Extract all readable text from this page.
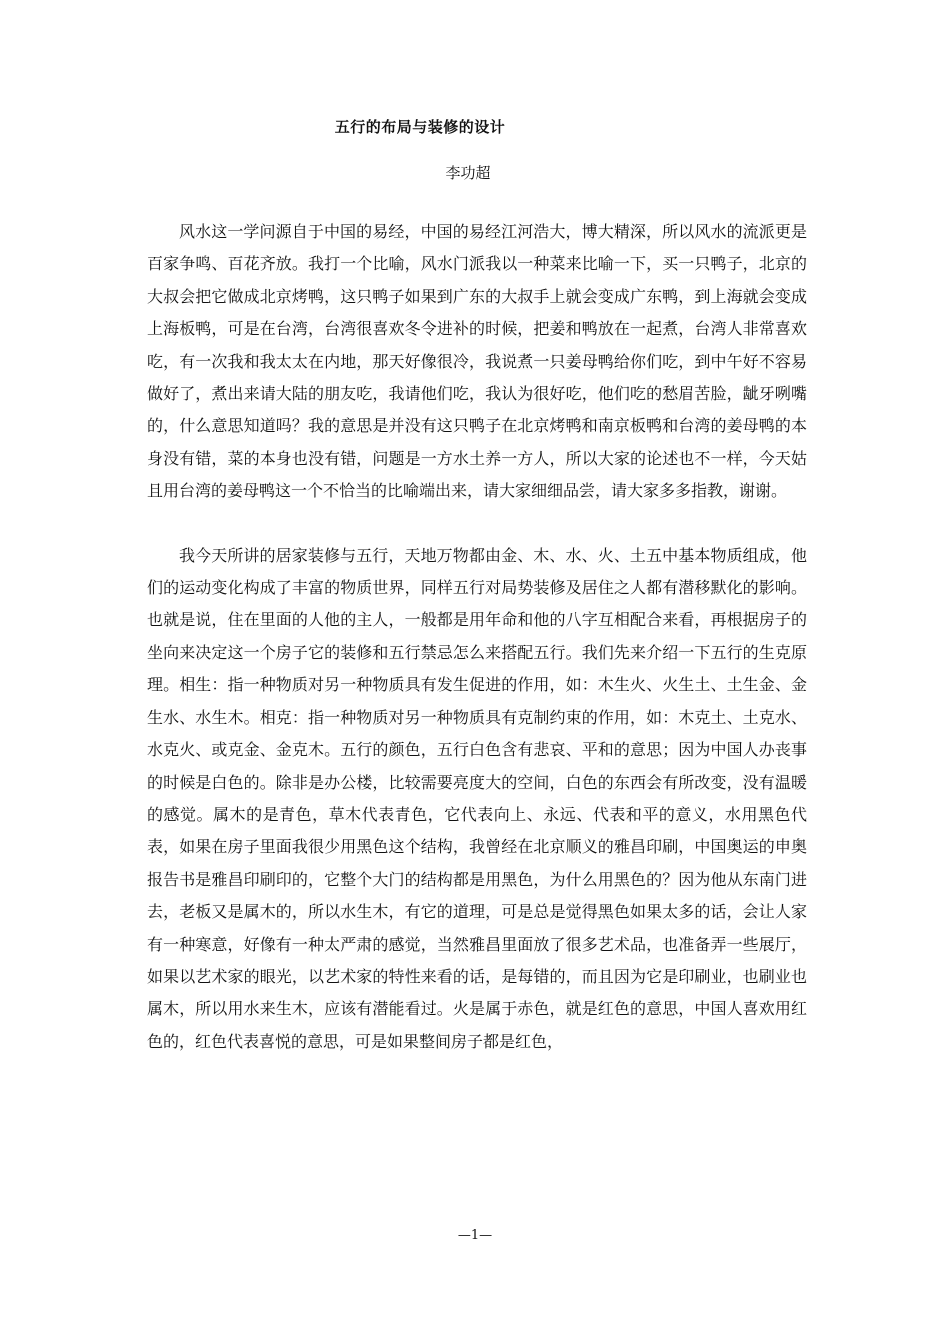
五行的布局与装修的设计
李功超

风水这一学问源自于中国的易经，中国的易经江河浩大，博大精深，所以风水的流派更是百家争鸣、百花齐放。我打一个比喻，风水门派我以一种菜来比喻一下，买一只鸭子，北京的大叔会把它做成北京烤鸭，这只鸭子如果到广东的大叔手上就会变成广东鸭，到上海就会变成上海板鸭，可是在台湾，台湾很喜欢冬令进补的时候，把姜和鸭放在一起煮，台湾人非常喜欢吃，有一次我和我太太在内地，那天好像很冷，我说煮一只姜母鸭给你们吃，到中午好不容易做好了，煮出来请大陆的朋友吃，我请他们吃，我认为很好吃，他们吃的愁眉苦脸，龇牙咧嘴的，什么意思知道吗？我的意思是并没有这只鸭子在北京烤鸭和南京板鸭和台湾的姜母鸭的本身没有错，菜的本身也没有错，问题是一方水土养一方人，所以大家的论述也不一样，今天姑且用台湾的姜母鸭这一个不恰当的比喻端出来，请大家细细品尝，请大家多多指教，谢谢。

我今天所讲的居家装修与五行，天地万物都由金、木、水、火、土五中基本物质组成，他们的运动变化构成了丰富的物质世界，同样五行对局势装修及居住之人都有潜移默化的影响。也就是说，住在里面的人他的主人，一般都是用年命和他的八字互相配合来看，再根据房子的坐向来决定这一个房子它的装修和五行禁忌怎么来搭配五行。我们先来介绍一下五行的生克原理。相生：指一种物质对另一种物质具有发生促进的作用，如：木生火、火生土、土生金、金生水、水生木。相克：指一种物质对另一种物质具有克制约束的作用，如：木克土、土克水、水克火、或克金、金克木。五行的颜色，五行白色含有悲哀、平和的意思；因为中国人办丧事的时候是白色的。除非是办公楼，比较需要亮度大的空间，白色的东西会有所改变，没有温暖的感觉。属木的是青色，草木代表青色，它代表向上、永远、代表和平的意义，水用黑色代表，如果在房子里面我很少用黑色这个结构，我曾经在北京顺义的雅昌印刷，中国奥运的申奥报告书是雅昌印刷印的，它整个大门的结构都是用黑色，为什么用黑色的？因为他从东南门进去，老板又是属木的，所以水生木，有它的道理，可是总是觉得黑色如果太多的话，会让人家有一种寒意，好像有一种太严肃的感觉，当然雅昌里面放了很多艺术品，也准备弄一些展厅，如果以艺术家的眼光，以艺术家的特性来看的话，是每错的，而且因为它是印刷业，也刷业也属木，所以用水来生木，应该有潜能看过。火是属于赤色，就是红色的意思，中国人喜欢用红色的，红色代表喜悦的意思，可是如果整间房子都是红色，

—1—
